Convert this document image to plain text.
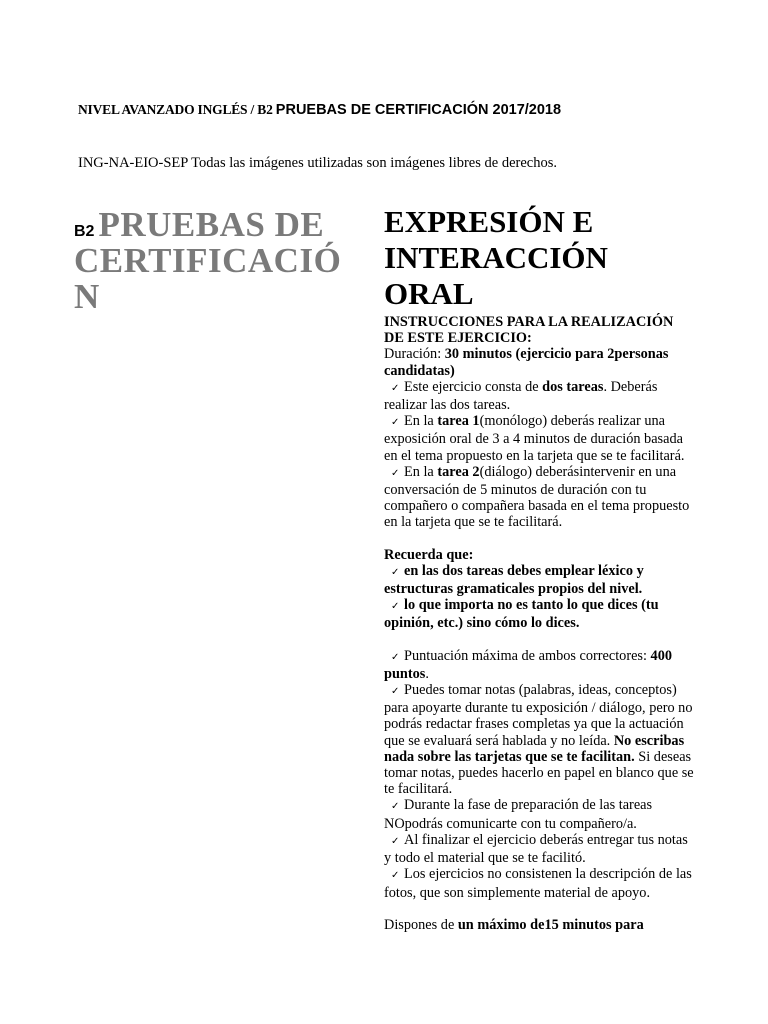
NIVEL AVANZADO INGLÉS / B2 PRUEBAS DE CERTIFICACIÓN 2017/2018
ING-NA-EIO-SEP Todas las imágenes utilizadas son imágenes libres de derechos.
B2 PRUEBAS DE
CERTIFICACIÓ
N
EXPRESIÓN E
INTERACCIÓN
ORAL

INSTRUCCIONES PARA LA REALIZACIÓN DE ESTE EJERCICIO:

Duración: 30 minutos (ejercicio para 2personas candidatas)

✓ Este ejercicio consta de dos tareas. Deberás realizar las dos tareas.

✓ En la tarea 1(monólogo) deberás realizar una exposición oral de 3 a 4 minutos de duración basada en el tema propuesto en la tarjeta que se te facilitará.

✓ En la tarea 2(diálogo) deberásintervenir en una conversación de 5 minutos de duración con tu compañero o compañera basada en el tema propuesto en la tarjeta que se te facilitará.

Recuerda que:

✓ en las dos tareas debes emplear léxico y estructuras gramaticales propios del nivel.

✓ lo que importa no es tanto lo que dices (tu opinión, etc.) sino cómo lo dices.

✓ Puntuación máxima de ambos correctores: 400 puntos.

✓ Puedes tomar notas (palabras, ideas, conceptos) para apoyarte durante tu exposición / diálogo, pero no podrás redactar frases completas ya que la actuación que se evaluará será hablada y no leída. No escribas nada sobre las tarjetas que se te facilitan. Si deseas tomar notas, puedes hacerlo en papel en blanco que se te facilitará.

✓ Durante la fase de preparación de las tareas NOpodrás comunicarte con tu compañero/a.

✓ Al finalizar el ejercicio deberás entregar tus notas y todo el material que se te facilitó.

✓ Los ejercicios no consistenen la descripción de las fotos, que son simplemente material de apoyo.

Dispones de un máximo de15 minutos para
